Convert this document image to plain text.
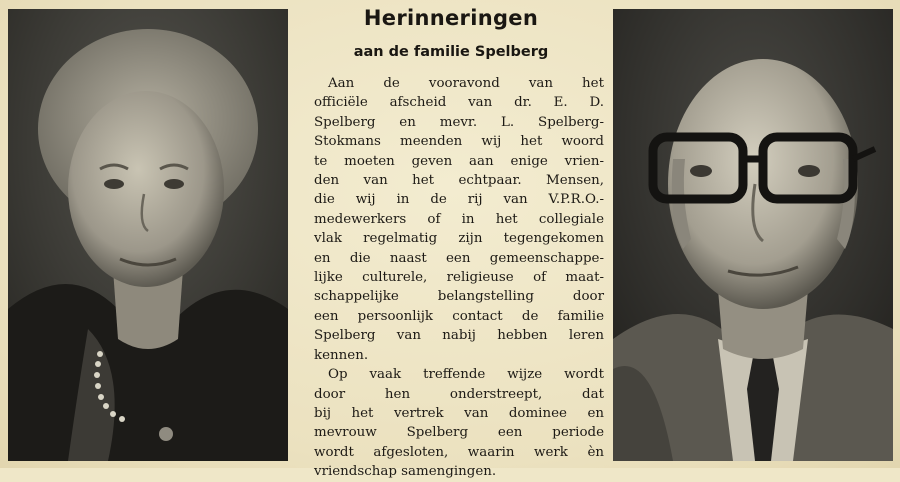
Herinneringen
aan de familie Spelberg
Aan de vooravond van het
officiële afscheid van dr. E. D.
Spelberg en mevr. L. Spelberg-
Stokmans meenden wij het woord
te moeten geven aan enige vrien-
den van het echtpaar. Mensen,
die wij in de rij van V.P.R.O.-
medewerkers of in het collegiale
vlak regelmatig zijn tegengekomen
en die naast een gemeenschappe-
lijke culturele, religieuse of maat-
schappelijke belangstelling door
een persoonlijk contact de familie
Spelberg van nabij hebben leren
kennen.
Op vaak treffende wijze wordt
door hen onderstreept, dat
bij het vertrek van dominee en
mevrouw Spelberg een periode
wordt afgesloten, waarin werk èn
vriendschap samengingen.
